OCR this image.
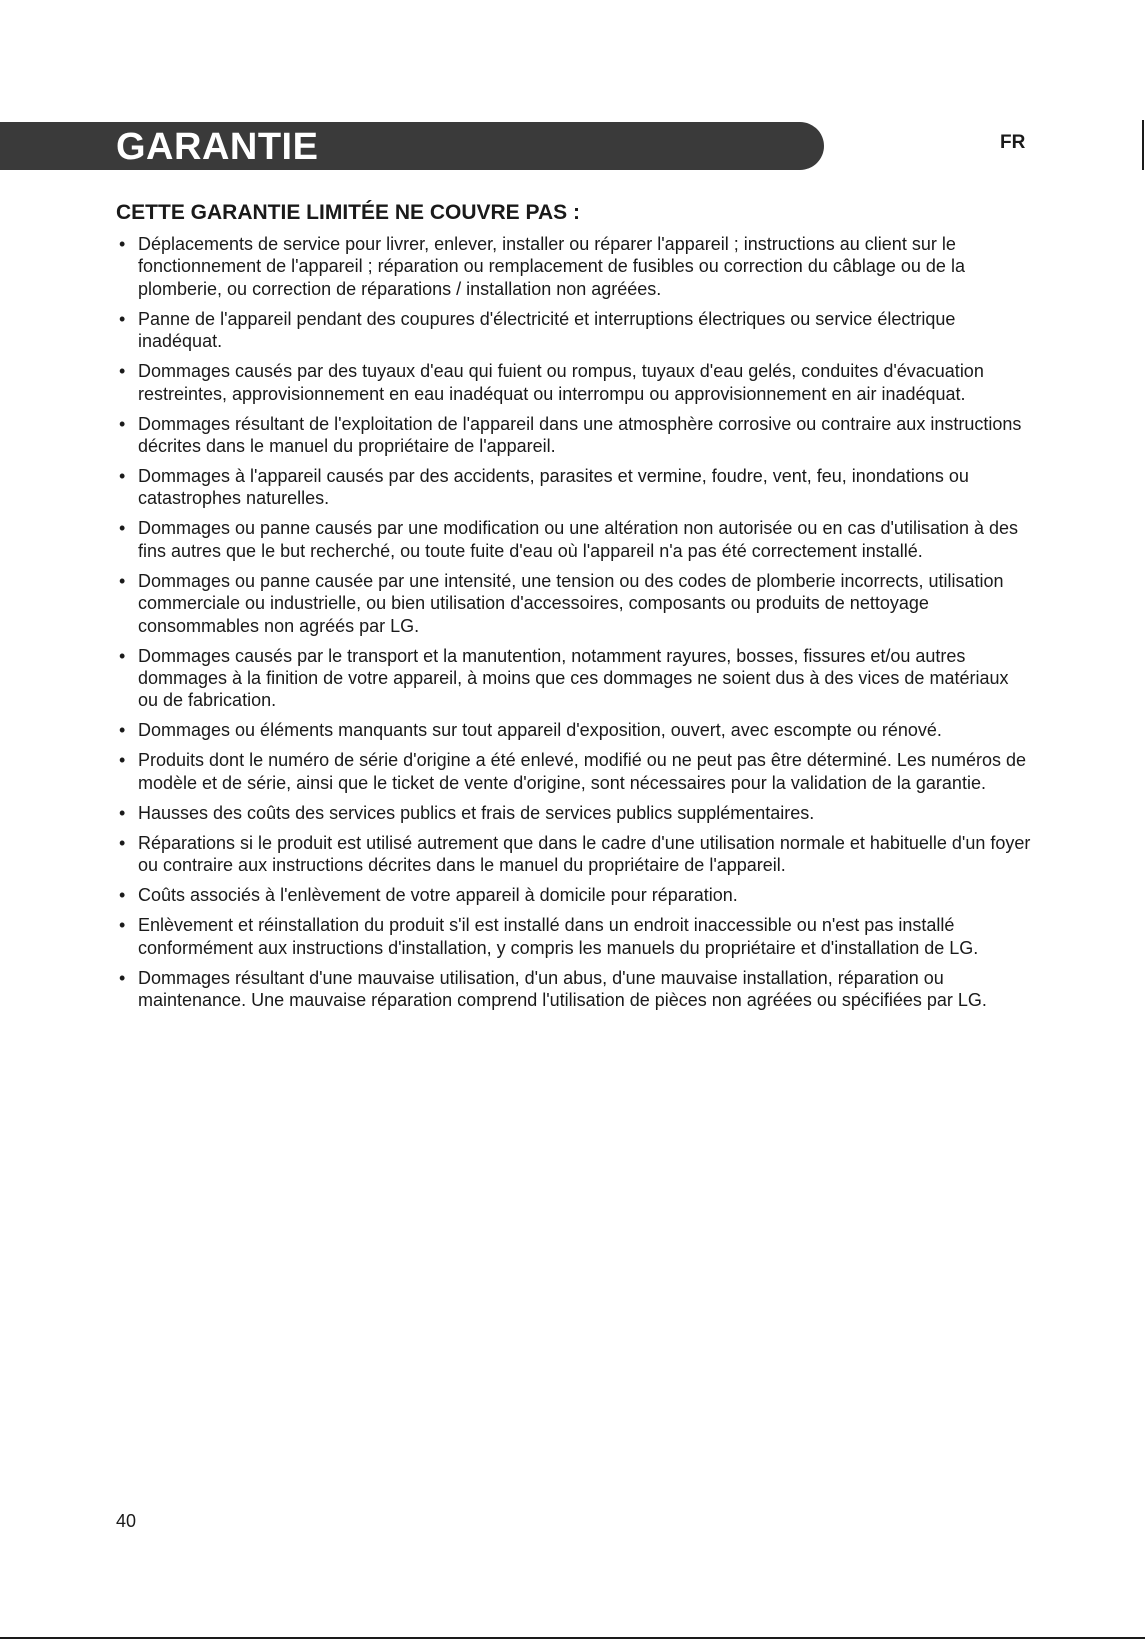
GARANTIE	FR
CETTE GARANTIE LIMITÉE NE COUVRE PAS :
• Déplacements de service pour livrer, enlever, installer ou réparer l'appareil ; instructions au client sur le fonctionnement de l'appareil ; réparation ou remplacement de fusibles ou correction du câblage ou de la plomberie, ou correction de réparations / installation non agréées.
• Panne de l'appareil pendant des coupures d'électricité et interruptions électriques ou service électrique inadéquat.
• Dommages causés par des tuyaux d'eau qui fuient ou rompus, tuyaux d'eau gelés, conduites d'évacuation restreintes, approvisionnement en eau inadéquat ou interrompu ou approvisionnement en air inadéquat.
• Dommages résultant de l'exploitation de l'appareil dans une atmosphère corrosive ou contraire aux instructions décrites dans le manuel du propriétaire de l'appareil.
• Dommages à l'appareil causés par des accidents, parasites et vermine, foudre, vent, feu, inondations ou catastrophes naturelles.
• Dommages ou panne causés par une modification ou une altération non autorisée ou en cas d'utilisation à des fins autres que le but recherché, ou toute fuite d'eau où l'appareil n'a pas été correctement installé.
• Dommages ou panne causée par une intensité, une tension ou des codes de plomberie incorrects, utilisation commerciale ou industrielle, ou bien utilisation d'accessoires, composants ou produits de nettoyage consommables non agréés par LG.
• Dommages causés par le transport et la manutention, notamment rayures, bosses, fissures et/ou autres dommages à la finition de votre appareil, à moins que ces dommages ne soient dus à des vices de matériaux ou de fabrication.
• Dommages ou éléments manquants sur tout appareil d'exposition, ouvert, avec escompte ou rénové.
• Produits dont le numéro de série d'origine a été enlevé, modifié ou ne peut pas être déterminé. Les numéros de modèle et de série, ainsi que le ticket de vente d'origine, sont nécessaires pour la validation de la garantie.
• Hausses des coûts des services publics et frais de services publics supplémentaires.
• Réparations si le produit est utilisé autrement que dans le cadre d'une utilisation normale et habituelle d'un foyer ou contraire aux instructions décrites dans le manuel du propriétaire de l'appareil.
• Coûts associés à l'enlèvement de votre appareil à domicile pour réparation.
• Enlèvement et réinstallation du produit s'il est installé dans un endroit inaccessible ou n'est pas installé conformément aux instructions d'installation, y compris les manuels du propriétaire et d'installation de LG.
• Dommages résultant d'une mauvaise utilisation, d'un abus, d'une mauvaise installation, réparation ou maintenance. Une mauvaise réparation comprend l'utilisation de pièces non agréées ou spécifiées par LG.
40
